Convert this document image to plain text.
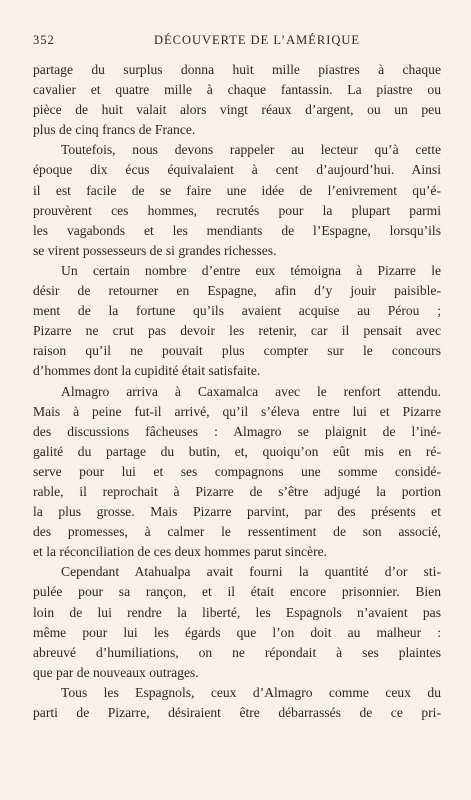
352	DÉCOUVERTE DE L’AMÉRIQUE
partage du surplus donna huit mille piastres à chaque
cavalier et quatre mille à chaque fantassin. La piastre ou
pièce de huit valait alors vingt réaux d’argent, ou un peu
plus de cinq francs de France.
Toutefois, nous devons rappeler au lecteur qu’à cette
époque dix écus équivalaient à cent d’aujourd’hui. Ainsi
il est facile de se faire une idée de l’enivrement qu’é-
prouvèrent ces hommes, recrutés pour la plupart parmi
les vagabonds et les mendiants de l’Espagne, lorsqu’ils
se virent possesseurs de si grandes richesses.
Un certain nombre d’entre eux témoigna à Pizarre le
désir de retourner en Espagne, afin d’y jouir paisible-
ment de la fortune qu’ils avaient acquise au Pérou ;
Pizarre ne crut pas devoir les retenir, car il pensait avec
raison qu’il ne pouvait plus compter sur le concours
d’hommes dont la cupidité était satisfaite.
Almagro arriva à Caxamalca avec le renfort attendu.
Mais à peine fut-il arrivé, qu’il s’éleva entre lui et Pizarre
des discussions fâcheuses : Almagro se plaignit de l’iné-
galité du partage du butin, et, quoiqu’on eût mis en ré-
serve pour lui et ses compagnons une somme considé-
rable, il reprochait à Pizarre de s’être adjugé la portion
la plus grosse. Mais Pizarre parvint, par des présents et
des promesses, à calmer le ressentiment de son associé,
et la réconciliation de ces deux hommes parut sincère.
Cependant Atahualpa avait fourni la quantité d’or sti-
pulée pour sa rançon, et il était encore prisonnier. Bien
loin de lui rendre la liberté, les Espagnols n’avaient pas
même pour lui les égards que l’on doit au malheur :
abreuvé d’humiliations, on ne répondait à ses plaintes
que par de nouveaux outrages.
Tous les Espagnols, ceux d’Almagro comme ceux du
parti de Pizarre, désiraient être débarrassés de ce pri-
